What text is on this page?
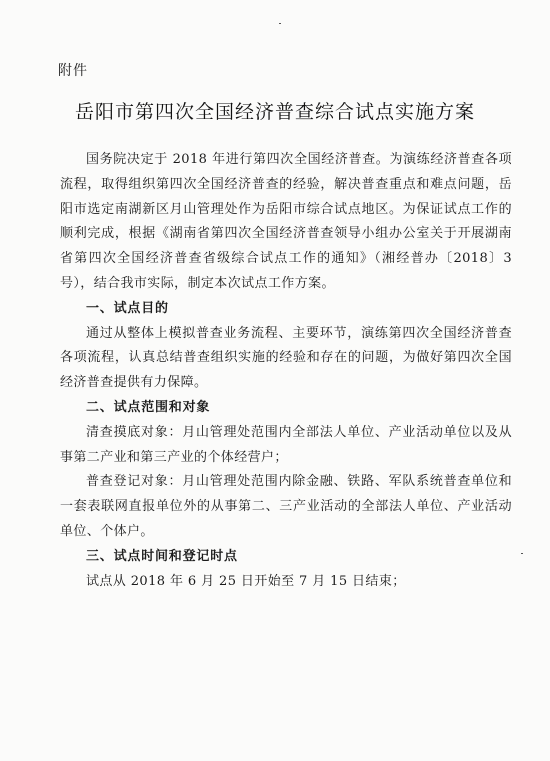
附件
岳阳市第四次全国经济普查综合试点实施方案

国务院决定于 2018 年进行第四次全国经济普查。为演练经济普查各项流程，取得组织第四次全国经济普查的经验，解决普查重点和难点问题，岳阳市选定南湖新区月山管理处作为岳阳市综合试点地区。为保证试点工作的顺利完成，根据《湖南省第四次全国经济普查领导小组办公室关于开展湖南省第四次全国经济普查省级综合试点工作的通知》（湘经普办〔2018〕3 号），结合我市实际，制定本次试点工作方案。

一、试点目的

通过从整体上模拟普查业务流程、主要环节，演练第四次全国经济普查各项流程，认真总结普查组织实施的经验和存在的问题，为做好第四次全国经济普查提供有力保障。

二、试点范围和对象

清查摸底对象：月山管理处范围内全部法人单位、产业活动单位以及从事第二产业和第三产业的个体经营户；

普查登记对象：月山管理处范围内除金融、铁路、军队系统普查单位和一套表联网直报单位外的从事第二、三产业活动的全部法人单位、产业活动单位、个体户。

三、试点时间和登记时点

试点从 2018 年 6 月 25 日开始至 7 月 15 日结束；
